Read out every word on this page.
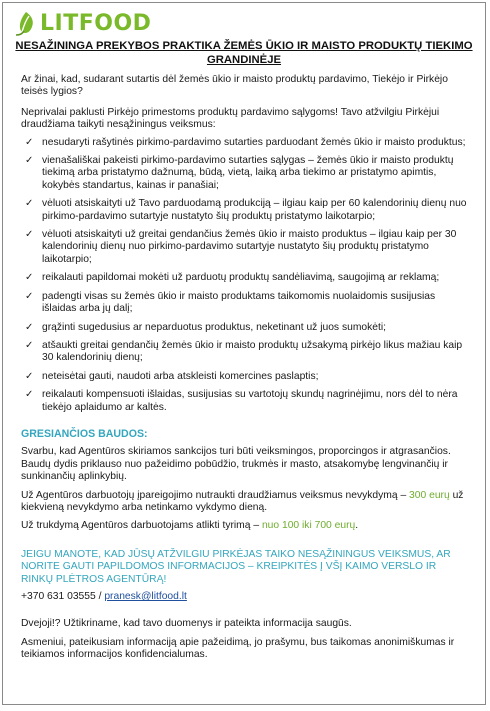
LITFOOD
NESAŽININGA PREKYBOS PRAKTIKA ŽEMĖS ŪKIO IR MAISTO PRODUKTŲ TIEKIMO GRANDINĖJE

Ar žinai, kad, sudarant sutartis dėl žemės ūkio ir maisto produktų pardavimo, Tiekėjo ir Pirkėjo teisės lygios?

Neprivalai paklusti Pirkėjo primestoms produktų pardavimo sąlygoms! Tavo atžvilgiu Pirkėjui draudžiama taikyti nesąžiningus veiksmus:

✓ nesudaryti rašytinės pirkimo-pardavimo sutarties parduodant žemės ūkio ir maisto produktus;
✓ vienašališkai pakeisti pirkimo-pardavimo sutarties sąlygas – žemės ūkio ir maisto produktų tiekimą arba pristatymo dažnumą, būdą, vietą, laiką arba tiekimo ar pristatymo apimtis, kokybės standartus, kainas ir panašiai;
✓ vėluoti atsiskaityti už Tavo parduodamą produkciją – ilgiau kaip per 60 kalendorinių dienų nuo pirkimo-pardavimo sutartyje nustatyto šių produktų pristatymo laikotarpio;
✓ vėluoti atsiskaityti už greitai gendančius žemės ūkio ir maisto produktus – ilgiau kaip per 30 kalendorinių dienų nuo pirkimo-pardavimo sutartyje nustatyto šių produktų pristatymo laikotarpio;
✓ reikalauti papildomai mokėti už parduotų produktų sandėliavimą, saugojimą ar reklamą;
✓ padengti visas su žemės ūkio ir maisto produktams taikomomis nuolaidomis susijusias išlaidas arba jų dalį;
✓ grąžinti sugedusius ar neparduotus produktus, neketinant už juos sumokėti;
✓ atšaukti greitai gendančių žemės ūkio ir maisto produktų užsakymą pirkėjo likus mažiau kaip 30 kalendorinių dienų;
✓ neteisėtai gauti, naudoti arba atskleisti komercines paslaptis;
✓ reikalauti kompensuoti išlaidas, susijusias su vartotojų skundų nagrinėjimu, nors dėl to nėra tiekėjo aplaidumo ar kaltės.

GRESIANČIOS BAUDOS:

Svarbu, kad Agentūros skiriamos sankcijos turi būti veiksmingos, proporcingos ir atgrasančios. Baudų dydis priklauso nuo pažeidimo pobūdžio, trukmės ir masto, atsakomybę lengvinančių ir sunkinančių aplinkybių.

Už Agentūros darbuotojų įpareigojimo nutraukti draudžiamus veiksmus nevykdymą – 300 eurų už kiekvieną nevykdymo arba netinkamo vykdymo dieną.

Už trukdymą Agentūros darbuotojams atlikti tyrimą – nuo 100 iki 700 eurų.

JEIGU MANOTE, KAD JŪSŲ ATŽVILGIU PIRKĖJAS TAIKO NESĄŽININGUS VEIKSMUS, AR NORITE GAUTI PAPILDOMOS INFORMACIJOS – KREIPKITĖS Į VŠĮ KAIMO VERSLO IR RINKŲ PLĖTROS AGENTŪRĄ!

+370 631 03555 / pranesk@litfood.lt

Dvejoji!? Užtikriname, kad tavo duomenys ir pateikta informacija saugūs.

Asmeniui, pateikusiam informaciją apie pažeidimą, jo prašymu, bus taikomas anonimiškumas ir teikiamos informacijos konfidencialumas.
